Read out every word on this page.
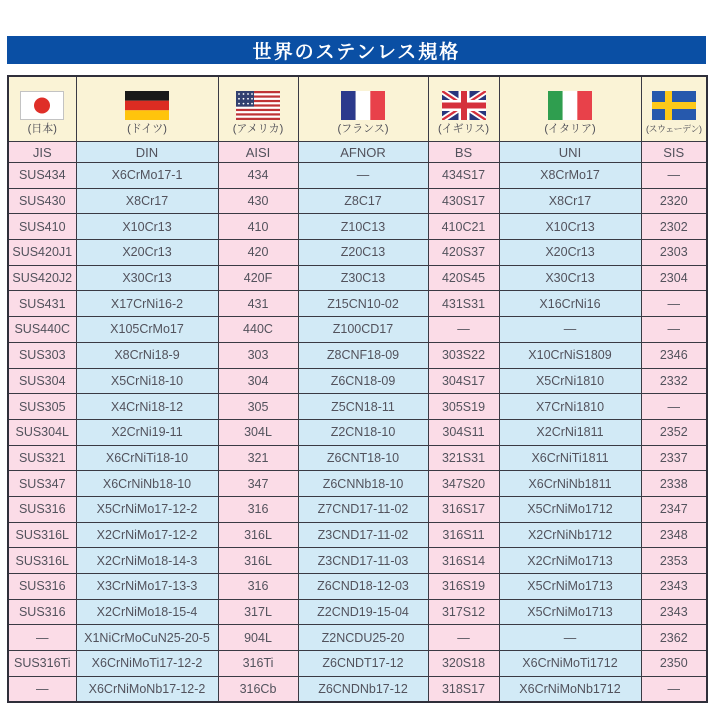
世界のステンレス規格
(日本)	(ドイツ)	(アメリカ)	(フランス)	(イギリス)	(イタリア)	(スウェーデン)

JIS	DIN	AISI	AFNOR	BS	UNI	SIS
SUS434	X6CrMo17-1	434	—	434S17	X8CrMo17	—
SUS430	X8Cr17	430	Z8C17	430S17	X8Cr17	2320
SUS410	X10Cr13	410	Z10C13	410C21	X10Cr13	2302
SUS420J1	X20Cr13	420	Z20C13	420S37	X20Cr13	2303
SUS420J2	X30Cr13	420F	Z30C13	420S45	X30Cr13	2304
SUS431	X17CrNi16-2	431	Z15CN10-02	431S31	X16CrNi16	—
SUS440C	X105CrMo17	440C	Z100CD17	—	—	—
SUS303	X8CrNi18-9	303	Z8CNF18-09	303S22	X10CrNiS1809	2346
SUS304	X5CrNi18-10	304	Z6CN18-09	304S17	X5CrNi1810	2332
SUS305	X4CrNi18-12	305	Z5CN18-11	305S19	X7CrNi1810	—
SUS304L	X2CrNi19-11	304L	Z2CN18-10	304S11	X2CrNi1811	2352
SUS321	X6CrNiTi18-10	321	Z6CNT18-10	321S31	X6CrNiTi1811	2337
SUS347	X6CrNiNb18-10	347	Z6CNNb18-10	347S20	X6CrNiNb1811	2338
SUS316	X5CrNiMo17-12-2	316	Z7CND17-11-02	316S17	X5CrNiMo1712	2347
SUS316L	X2CrNiMo17-12-2	316L	Z3CND17-11-02	316S11	X2CrNiNb1712	2348
SUS316L	X2CrNiMo18-14-3	316L	Z3CND17-11-03	316S14	X2CrNiMo1713	2353
SUS316	X3CrNiMo17-13-3	316	Z6CND18-12-03	316S19	X5CrNiMo1713	2343
SUS316	X2CrNiMo18-15-4	317L	Z2CND19-15-04	317S12	X5CrNiMo1713	2343
—	X1NiCrMoCuN25-20-5	904L	Z2NCDU25-20	—	—	2362
SUS316Ti	X6CrNiMoTi17-12-2	316Ti	Z6CNDT17-12	320S18	X6CrNiMoTi1712	2350
—	X6CrNiMoNb17-12-2	316Cb	Z6CNDNb17-12	318S17	X6CrNiMoNb1712	—
